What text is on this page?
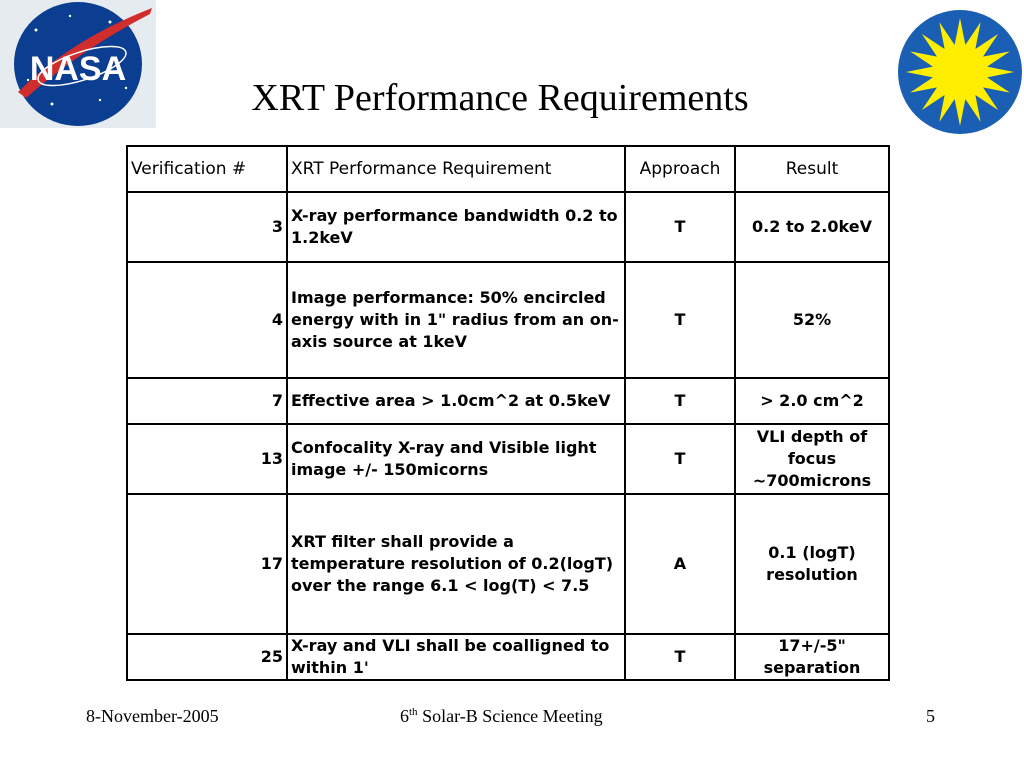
NASA
XRT Performance Requirements
Verification #	XRT Performance Requirement	Approach	Result
3	X-ray performance bandwidth 0.2 to 1.2keV	T	0.2 to 2.0keV
4	Image performance: 50% encircled energy with in 1" radius from an on-axis source at 1keV	T	52%
7	Effective area > 1.0cm^2 at 0.5keV	T	> 2.0 cm^2
13	Confocality X-ray and Visible light image +/- 150micorns	T	VLI depth of focus ~700microns
17	XRT filter shall provide a temperature resolution of 0.2(logT) over the range 6.1 < log(T) < 7.5	A	0.1 (logT) resolution
25	X-ray and VLI shall be coalligned to within 1'	T	17+/-5" separation
8-November-2005	6th Solar-B Science Meeting	5
